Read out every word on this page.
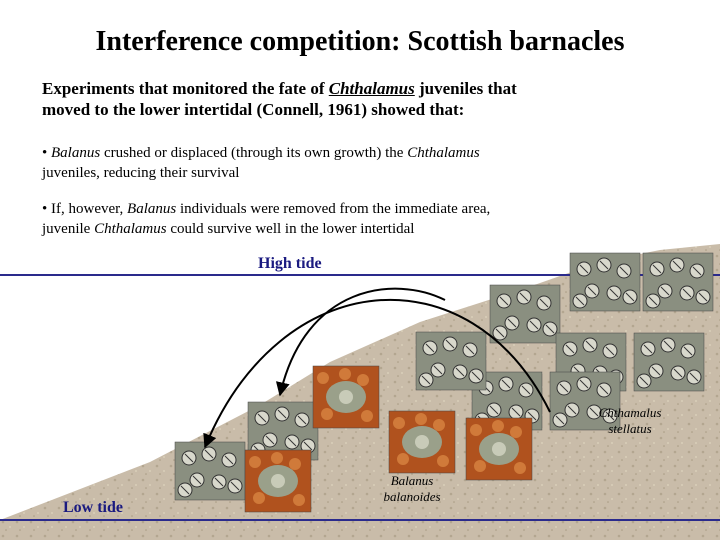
Interference competition: Scottish barnacles
Experiments that monitored the fate of Chthalamus juveniles that
moved to the lower intertidal (Connell, 1961) showed that:
• Balanus crushed or displaced (through its own growth) the Chthalamus
juveniles, reducing their survival
• If, however, Balanus individuals were removed from the immediate area,
juvenile Chthalamus could survive well in the lower intertidal
High tide
Low tide
Chthamalus
stellatus
Balanus
balanoides
